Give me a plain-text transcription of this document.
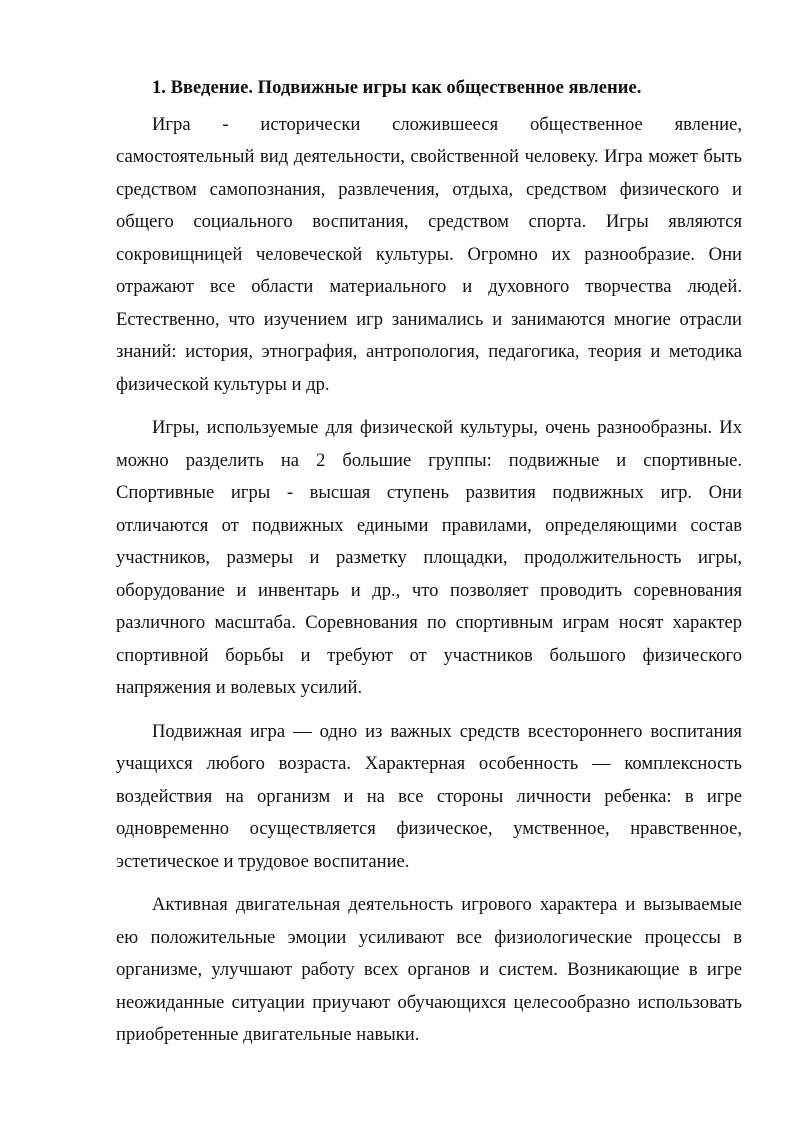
1. Введение. Подвижные игры как общественное явление.

Игра - исторически сложившееся общественное явление, самостоятельный вид деятельности, свойственной человеку. Игра может быть средством самопознания, развлечения, отдыха, средством физического и общего социального воспитания, средством спорта. Игры являются сокровищницей человеческой культуры. Огромно их разнообразие. Они отражают все области материального и духовного творчества людей. Естественно, что изучением игр занимались и занимаются многие отрасли знаний: история, этнография, антропология, педагогика, теория и методика физической культуры и др.

Игры, используемые для физической культуры, очень разнообразны. Их можно разделить на 2 большие группы: подвижные и спортивные. Спортивные игры - высшая ступень развития подвижных игр. Они отличаются от подвижных едиными правилами, определяющими состав участников, размеры и разметку площадки, продолжительность игры, оборудование и инвентарь и др., что позволяет проводить соревнования различного масштаба. Соревнования по спортивным играм носят характер спортивной борьбы и требуют от участников большого физического напряжения и волевых усилий.

Подвижная игра — одно из важных средств всестороннего воспитания учащихся любого возраста. Характерная особенность — комплексность воздействия на организм и на все стороны личности ребенка: в игре одновременно осуществляется физическое, умственное, нравственное, эстетическое и трудовое воспитание.

Активная двигательная деятельность игрового характера и вызываемые ею положительные эмоции усиливают все физиологические процессы в организме, улучшают работу всех органов и систем. Возникающие в игре неожиданные ситуации приучают обучающихся целесообразно использовать приобретенные двигательные навыки.
